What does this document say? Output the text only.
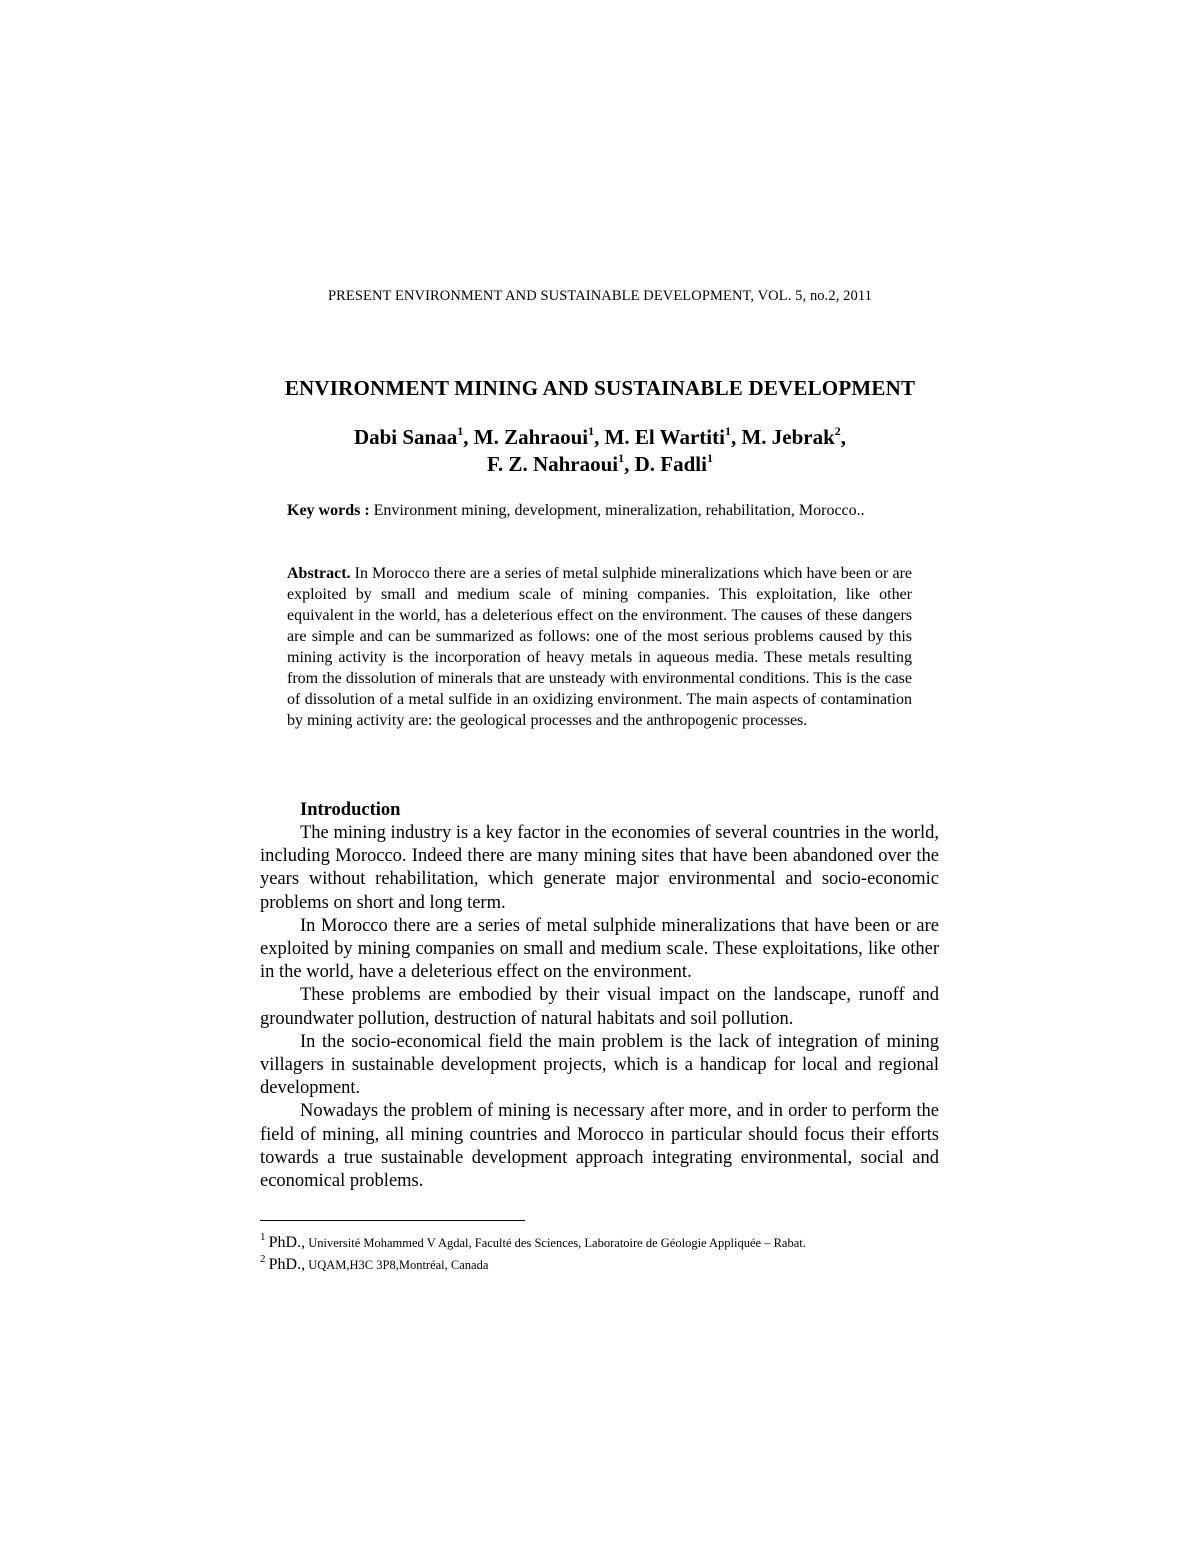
PRESENT ENVIRONMENT AND SUSTAINABLE DEVELOPMENT, VOL. 5, no.2, 2011
ENVIRONMENT MINING AND SUSTAINABLE DEVELOPMENT
Dabi Sanaa$^1$, M. Zahraoui$^1$, M. El Wartiti$^1$, M. Jebrak$^2$,
F. Z. Nahraoui$^1$, D. Fadli$^1$
Key words : Environment mining, development, mineralization, rehabilitation, Morocco..
Abstract. In Morocco there are a series of metal sulphide mineralizations which have been or are exploited by small and medium scale of mining companies. This exploitation, like other equivalent in the world, has a deleterious effect on the environment. The causes of these dangers are simple and can be summarized as follows: one of the most serious problems caused by this mining activity is the incorporation of heavy metals in aqueous media. These metals resulting from the dissolution of minerals that are unsteady with environmental conditions. This is the case of dissolution of a metal sulfide in an oxidizing environment. The main aspects of contamination by mining activity are: the geological processes and the anthropogenic processes.
Introduction

The mining industry is a key factor in the economies of several countries in the world, including Morocco. Indeed there are many mining sites that have been abandoned over the years without rehabilitation, which generate major environmental and socio-economic problems on short and long term.

In Morocco there are a series of metal sulphide mineralizations that have been or are exploited by mining companies on small and medium scale. These exploitations, like other in the world, have a deleterious effect on the environment.

These problems are embodied by their visual impact on the landscape, runoff and groundwater pollution, destruction of natural habitats and soil pollution.

In the socio-economical field the main problem is the lack of integration of mining villagers in sustainable development projects, which is a handicap for local and regional development.

Nowadays the problem of mining is necessary after more, and in order to perform the field of mining, all mining countries and Morocco in particular should focus their efforts towards a true sustainable development approach integrating environmental, social and economical problems.

1 PhD., Université Mohammed V Agdal, Faculté des Sciences, Laboratoire de Géologie Appliquée – Rabat.
2 PhD., UQAM,H3C 3P8,Montréal, Canada
